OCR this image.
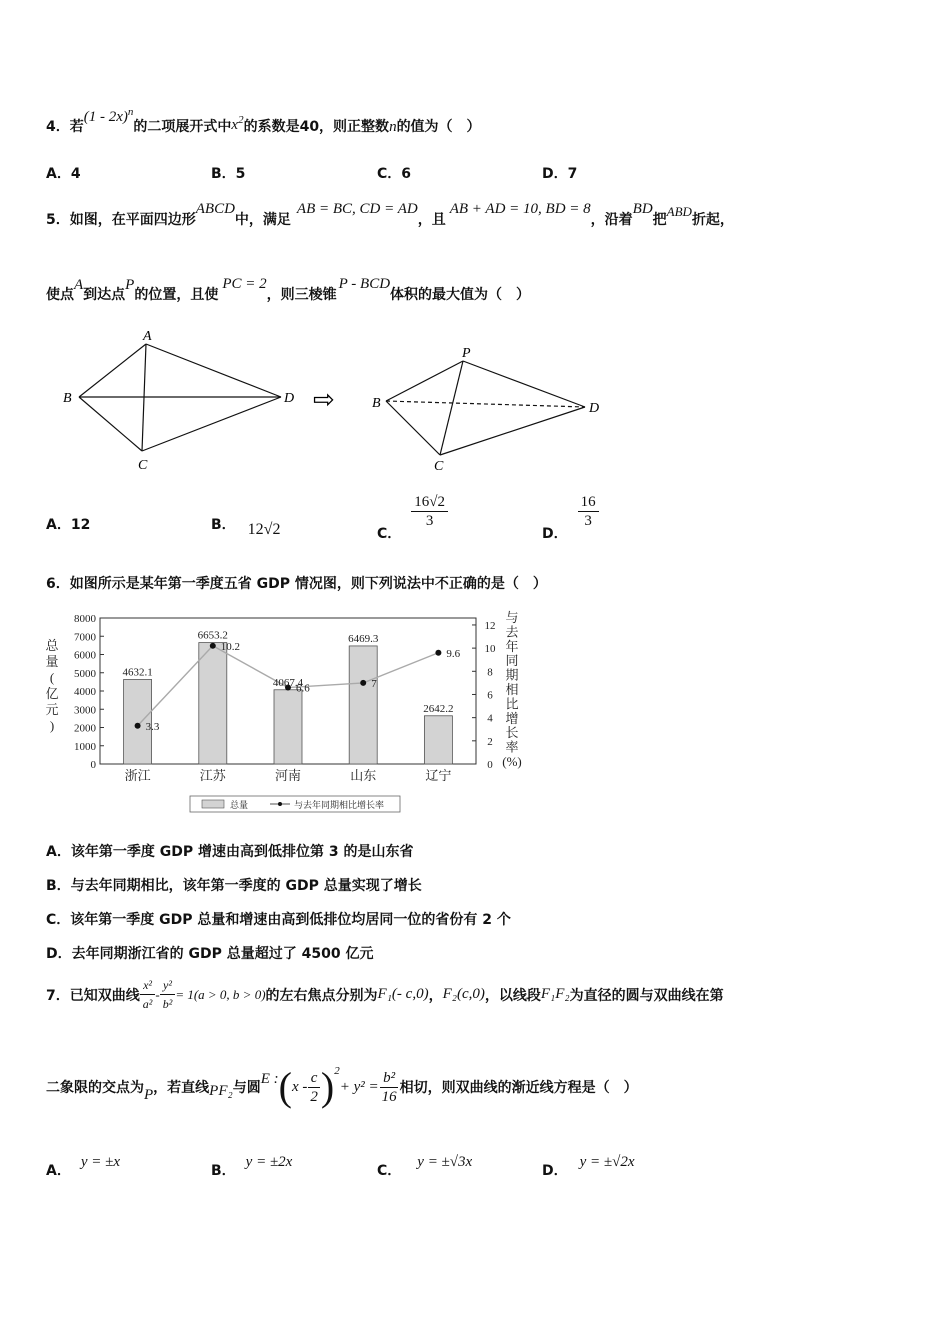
4．若(1 - 2x)$^n$的二项展开式中$x^2$的系数是40，则正整数n的值为（　）
A．4	B．5	C．6	D．7
5．如图，在平面四边形ABCD中，满足AB = BC, CD = AD，且AB + AD = 10, BD = 8，沿着BD把ABD折起，
使点A到达点P的位置，且使PC = 2，则三棱锥P - BCD体积的最大值为（　）
A
B
C
D ⇨
P
B
C
D
A．12	B． 12√2	C．
$\frac{16√2}{3}$
D．
$\frac{16}{3}$
6．如图所示是某年第一季度五省 GDP 情况图，则下列说法中不正确的是（　）
0
1000
2000
3000
4000
5000
6000
7000
8000
0
2
4
6
8
10
12
总
量
(
亿
元
)
与
去
年
同
期
相
比
增
长
率
(%)
4632.1
浙江
6653.2
江苏
4067.4
河南
6469.3
山东
2642.2
辽宁
3.3
10.2
6.6	7
9.6
总量	与去年同期相比增长率
A．该年第一季度 GDP 增速由高到低排位第 3 的是山东省
B．与去年同期相比，该年第一季度的 GDP 总量实现了增长
C．该年第一季度 GDP 总量和增速由高到低排位均居同一位的省份有 2 个
D．去年同期浙江省的 GDP 总量超过了 4500 亿元
7．已知双曲线 $\frac{\text{x²}}{\text{a²}} - \frac{\text{y²}}{\text{b²}} = 1(a > 0$, b > 0) 的左右焦点分别为 F₁(- c,0) ， F₂(c,0) ，以线段 F₁F₂ 为直径的圆与双曲线在第
二象限的交点为 P ，若直线 PF₂ 与圆
E : ( x - $\frac{c}{2} )^2$
+ $y^2 = \frac{\text{b²}}{16}$ 相切，则双曲线的渐近线方程是（　）
A．y = ±x
B．y = ±2x
C．y = ±√3x
D．y = ±√2x
